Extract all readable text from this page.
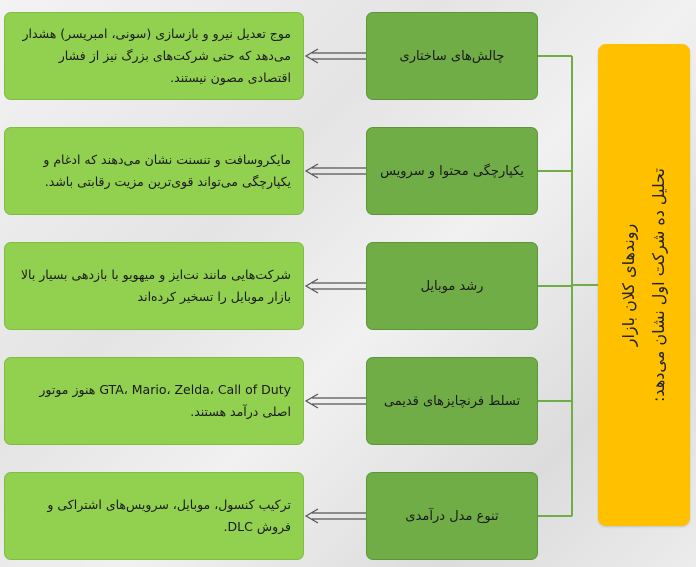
روندهای کلان بازار تحلیل ده شرکت اول نشان می‌دهد:
چالش‌های ساختاری
یکپارچگی محتوا و سرویس
رشد موبایل
تسلط فرنچایزهای قدیمی
تنوع مدل درآمدی
موج تعدیل نیرو و بازسازی (سونی، امبریسر) هشدار می‌دهد که حتی شرکت‌های بزرگ نیز از فشار اقتصادی مصون نیستند.
مایکروسافت و تنسنت نشان می‌دهند که ادغام و یکپارچگی می‌تواند قوی‌ترین مزیت رقابتی باشد.
شرکت‌هایی مانند نت‌ایز و میهویو با بازدهی بسیار بالا بازار موبایل را تسخیر کرده‌اند
GTA، Mario، Zelda، Call of Duty هنوز موتور اصلی درآمد هستند.
ترکیب کنسول، موبایل، سرویس‌های اشتراکی و فروش DLC.
